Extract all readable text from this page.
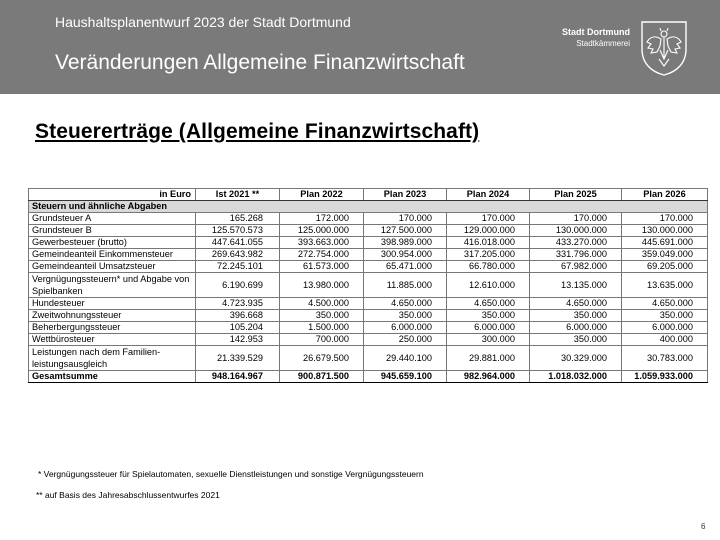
Haushaltsplanentwurf 2023 der Stadt Dortmund
Veränderungen Allgemeine Finanzwirtschaft
Stadt Dortmund
Stadtkämmerei
Steuererträge (Allgemeine Finanzwirtschaft)
in Euro	Ist 2021 **	Plan 2022	Plan 2023	Plan 2024	Plan 2025	Plan 2026
Steuern und ähnliche Abgaben						
Grundsteuer A	165.268	172.000	170.000	170.000	170.000	170.000
Grundsteuer B	125.570.573	125.000.000	127.500.000	129.000.000	130.000.000	130.000.000
Gewerbesteuer (brutto)	447.641.055	393.663.000	398.989.000	416.018.000	433.270.000	445.691.000
Gemeindeanteil Einkommensteuer	269.643.982	272.754.000	300.954.000	317.205.000	331.796.000	359.049.000
Gemeindeanteil Umsatzsteuer	72.245.101	61.573.000	65.471.000	66.780.000	67.982.000	69.205.000
Vergnügungssteuern* und Abgabe von Spielbanken	6.190.699	13.980.000	11.885.000	12.610.000	13.135.000	13.635.000
Hundesteuer	4.723.935	4.500.000	4.650.000	4.650.000	4.650.000	4.650.000
Zweitwohnungssteuer	396.668	350.000	350.000	350.000	350.000	350.000
Beherbergungssteuer	105.204	1.500.000	6.000.000	6.000.000	6.000.000	6.000.000
Wettbürosteuer	142.953	700.000	250.000	300.000	350.000	400.000
Leistungen nach dem Familien-leistungsausgleich	21.339.529	26.679.500	29.440.100	29.881.000	30.329.000	30.783.000
Gesamtsumme	948.164.967	900.871.500	945.659.100	982.964.000	1.018.032.000	1.059.933.000
* Vergnügungssteuer für Spielautomaten, sexuelle Dienstleistungen und sonstige Vergnügungssteuern
** auf Basis des Jahresabschlussentwurfes 2021
6
